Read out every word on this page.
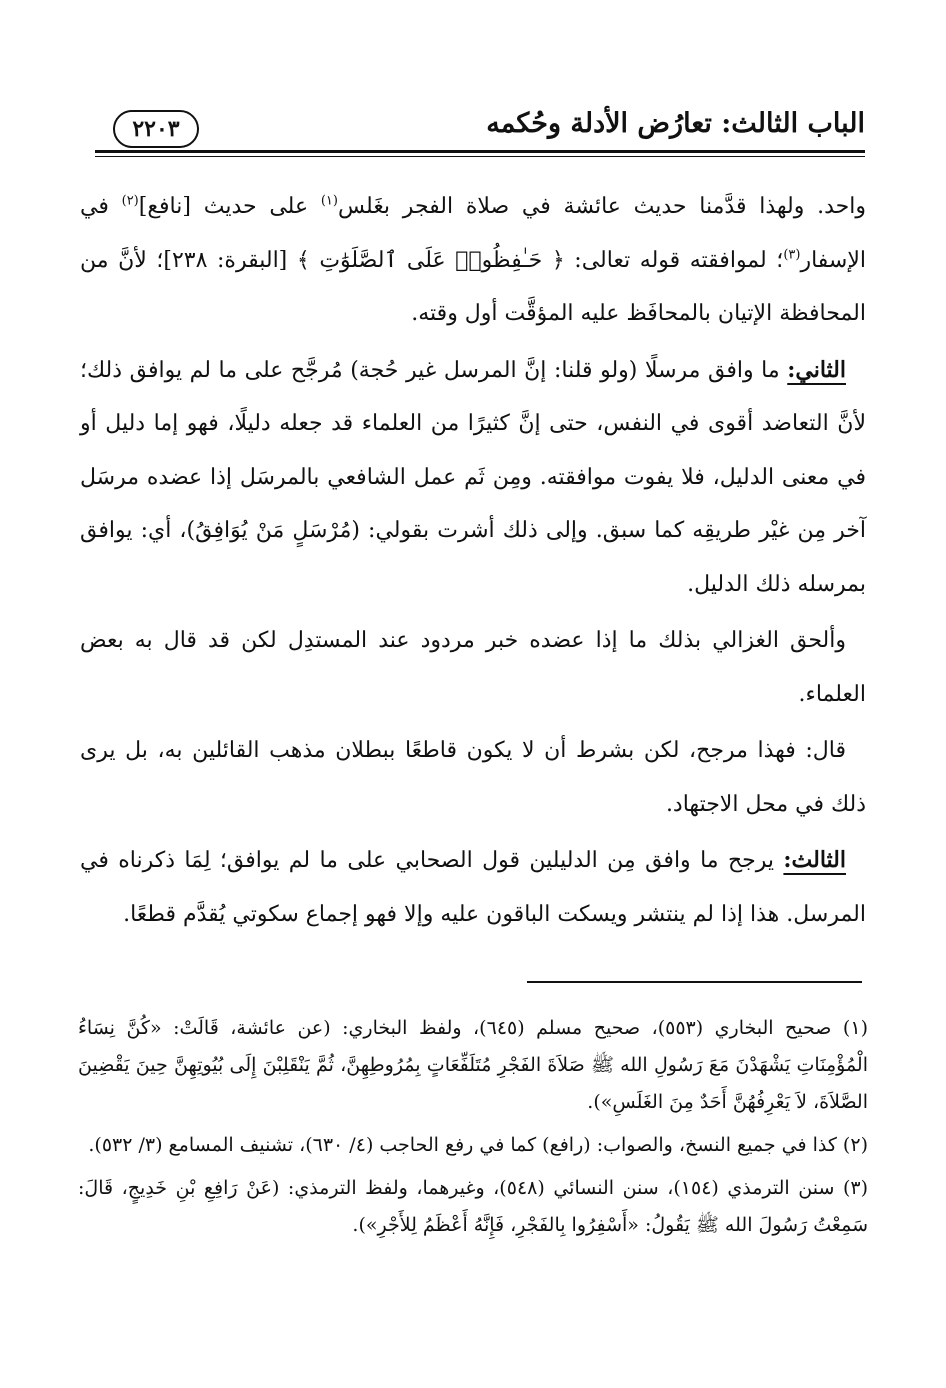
الباب الثالث: تعارُض الأدلة وحُكمه
٢٢٠٣

واحد. ولهذا قدَّمنا حديث عائشة في صلاة الفجر بغَلس$^{(١)}$ على حديث [نافع]$^{(٢)}$ في الإسفار$^{(٣)}$؛ لموافقته قوله تعالى: ﴿ حَـٰفِظُوا۟ عَلَى ٱلصَّلَوَٰتِ ﴾ [البقرة: ٢٣٨]؛ لأنَّ من المحافظة الإتيان بالمحافَظ عليه المؤقَّت أول وقته.

الثاني: ما وافق مرسلًا (ولو قلنا: إنَّ المرسل غير حُجة) مُرجَّح على ما لم يوافق ذلك؛ لأنَّ التعاضد أقوى في النفس، حتى إنَّ كثيرًا من العلماء قد جعله دليلًا، فهو إما دليل أو في معنى الدليل، فلا يفوت موافقته. ومِن ثَم عمل الشافعي بالمرسَل إذا عضده مرسَل آخر مِن غيْر طريقِه كما سبق. وإلى ذلك أشرت بقولي: (مُرْسَلٍ مَنْ يُوَافِقُ)، أي: يوافق بمرسله ذلك الدليل.

وألحق الغزالي بذلك ما إذا عضده خبر مردود عند المستدِل لكن قد قال به بعض العلماء.

قال: فهذا مرجح، لكن بشرط أن لا يكون قاطعًا ببطلان مذهب القائلين به، بل يرى ذلك في محل الاجتهاد.

الثالث: يرجح ما وافق مِن الدليلين قول الصحابي على ما لم يوافق؛ لِمَا ذكرناه في المرسل. هذا إذا لم ينتشر ويسكت الباقون عليه وإلا فهو إجماع سكوتي يُقدَّم قطعًا.

(١) صحيح البخاري (٥٥٣)، صحيح مسلم (٦٤٥)، ولفظ البخاري: (عن عائشة، قَالَتْ: «كُنَّ نِسَاءُ الْمُؤْمِنَاتِ يَشْهَدْنَ مَعَ رَسُولِ الله ﷺ صَلاَةَ الفَجْرِ مُتَلَفِّعَاتٍ بِمُرُوطِهِنَّ، ثُمَّ يَنْقَلِبْنَ إِلَى بُيُوتِهِنَّ حِينَ يَقْضِينَ الصَّلاَةَ، لاَ يَعْرِفُهُنَّ أَحَدٌ مِنَ الغَلَسِ»).

(٢) كذا في جميع النسخ، والصواب: (رافع) كما في رفع الحاجب (٤/ ٦٣٠)، تشنيف المسامع (٣/ ٥٣٢).

(٣) سنن الترمذي (١٥٤)، سنن النسائي (٥٤٨)، وغيرهما، ولفظ الترمذي: (عَنْ رَافِعِ بْنِ خَدِيجٍ، قَالَ: سَمِعْتُ رَسُولَ الله ﷺ يَقُولُ: «أَسْفِرُوا بِالفَجْرِ، فَإِنَّهُ أَعْظَمُ لِلأَجْرِ»).
